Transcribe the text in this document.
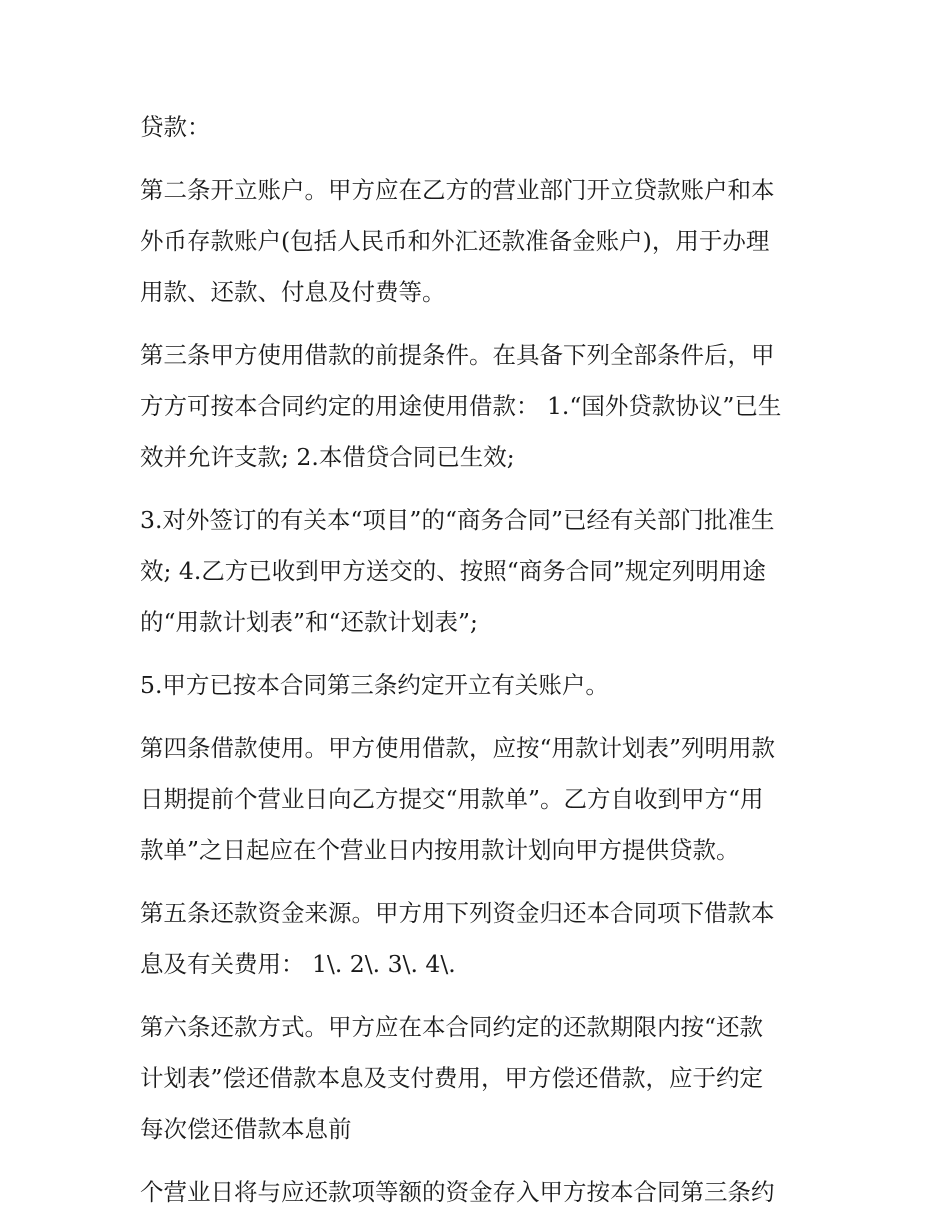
贷款：
第二条开立账户。甲方应在乙方的营业部门开立贷款账户和本
外币存款账户(包括人民币和外汇还款准备金账户)，用于办理
用款、还款、付息及付费等。
第三条甲方使用借款的前提条件。在具备下列全部条件后，甲
方方可按本合同约定的用途使用借款： 1.“国外贷款协议”已生
效并允许支款; 2.本借贷合同已生效;
3.对外签订的有关本“项目”的“商务合同”已经有关部门批准生
效; 4.乙方已收到甲方送交的、按照“商务合同”规定列明用途
的“用款计划表”和“还款计划表”;
5.甲方已按本合同第三条约定开立有关账户。
第四条借款使用。甲方使用借款，应按“用款计划表”列明用款
日期提前个营业日向乙方提交“用款单”。乙方自收到甲方“用
款单”之日起应在个营业日内按用款计划向甲方提供贷款。
第五条还款资金来源。甲方用下列资金归还本合同项下借款本
息及有关费用： 1\. 2\. 3\. 4\.
第六条还款方式。甲方应在本合同约定的还款期限内按“还款
计划表”偿还借款本息及支付费用，甲方偿还借款，应于约定
每次偿还借款本息前
个营业日将与应还款项等额的资金存入甲方按本合同第三条约
